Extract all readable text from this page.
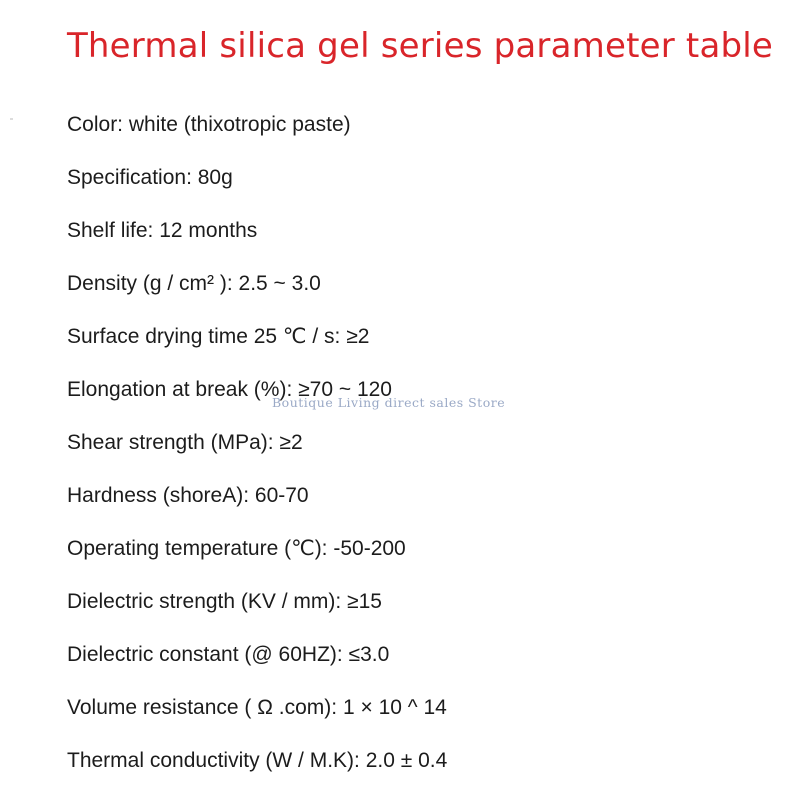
Thermal silica gel series parameter table
Color: white (thixotropic paste)
Specification: 80g
Shelf life: 12 months
Density (g / cm² ): 2.5 ~ 3.0
Surface drying time 25 ℃ / s: ≥2
Elongation at break (%): ≥70 ~ 120
Shear strength (MPa): ≥2
Hardness (shoreA): 60-70
Operating temperature (℃): -50-200
Dielectric strength (KV / mm): ≥15
Dielectric constant (@ 60HZ): ≤3.0
Volume resistance ( Ω .com): 1 × 10 ^ 14
Thermal conductivity (W / M.K): 2.0 ± 0.4
Boutique Living direct sales Store
